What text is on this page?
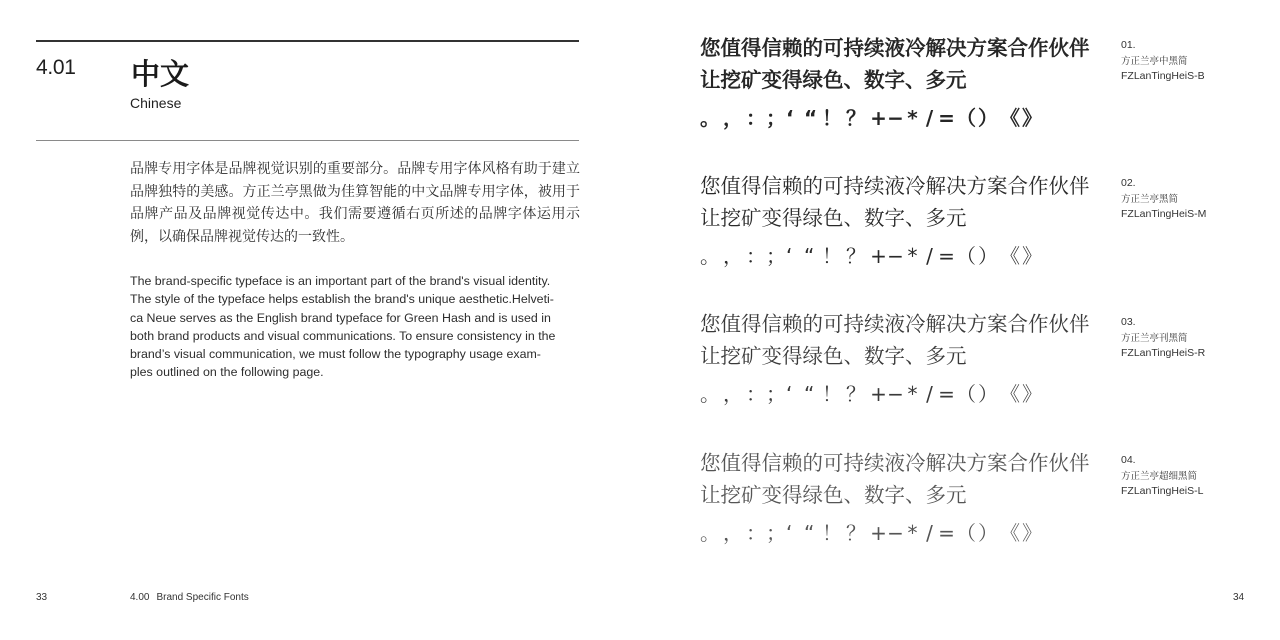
4.01 中文
Chinese
品牌专用字体是品牌视觉识别的重要部分。品牌专用字体风格有助于建立品牌独特的美感。方正兰亭黑做为佳算智能的中文品牌专用字体，被用于品牌产品及品牌视觉传达中。我们需要遵循右页所述的品牌字体运用示例，以确保品牌视觉传达的一致性。
The brand-specific typeface is an important part of the brand's visual identity.
The style of the typeface helps establish the brand's unique aesthetic.Helveti-
ca Neue serves as the English brand typeface for Green Hash and is used in
both brand products and visual communications. To ensure consistency in the
brand’s visual communication, we must follow the typography usage exam-
ples outlined on the following page.
33	4.00 Brand Specific Fonts
您值得信赖的可持续液冷解决方案合作伙伴
让挖矿变得绿色、数字、多元
。 ， ：；‘ “ ！ ？ +− * / =（ ） 《 》
01.
方正兰亭中黑简
FZLanTingHeiS-B
您值得信赖的可持续液冷解决方案合作伙伴
让挖矿变得绿色、数字、多元
。 ， ：；‘ “ ！ ？ +− * / =（ ） 《 》
02.
方正兰亭黑简
FZLanTingHeiS-M
您值得信赖的可持续液冷解决方案合作伙伴
让挖矿变得绿色、数字、多元
。 ， ：；‘ “ ！ ？ +− * / =（ ） 《 》
03.
方正兰亭刊黑简
FZLanTingHeiS-R
您值得信赖的可持续液冷解决方案合作伙伴
让挖矿变得绿色、数字、多元
。 ， ：；‘ “ ！ ？ +− * / =（ ） 《 》
04.
方正兰亭超细黑简
FZLanTingHeiS-L
34
